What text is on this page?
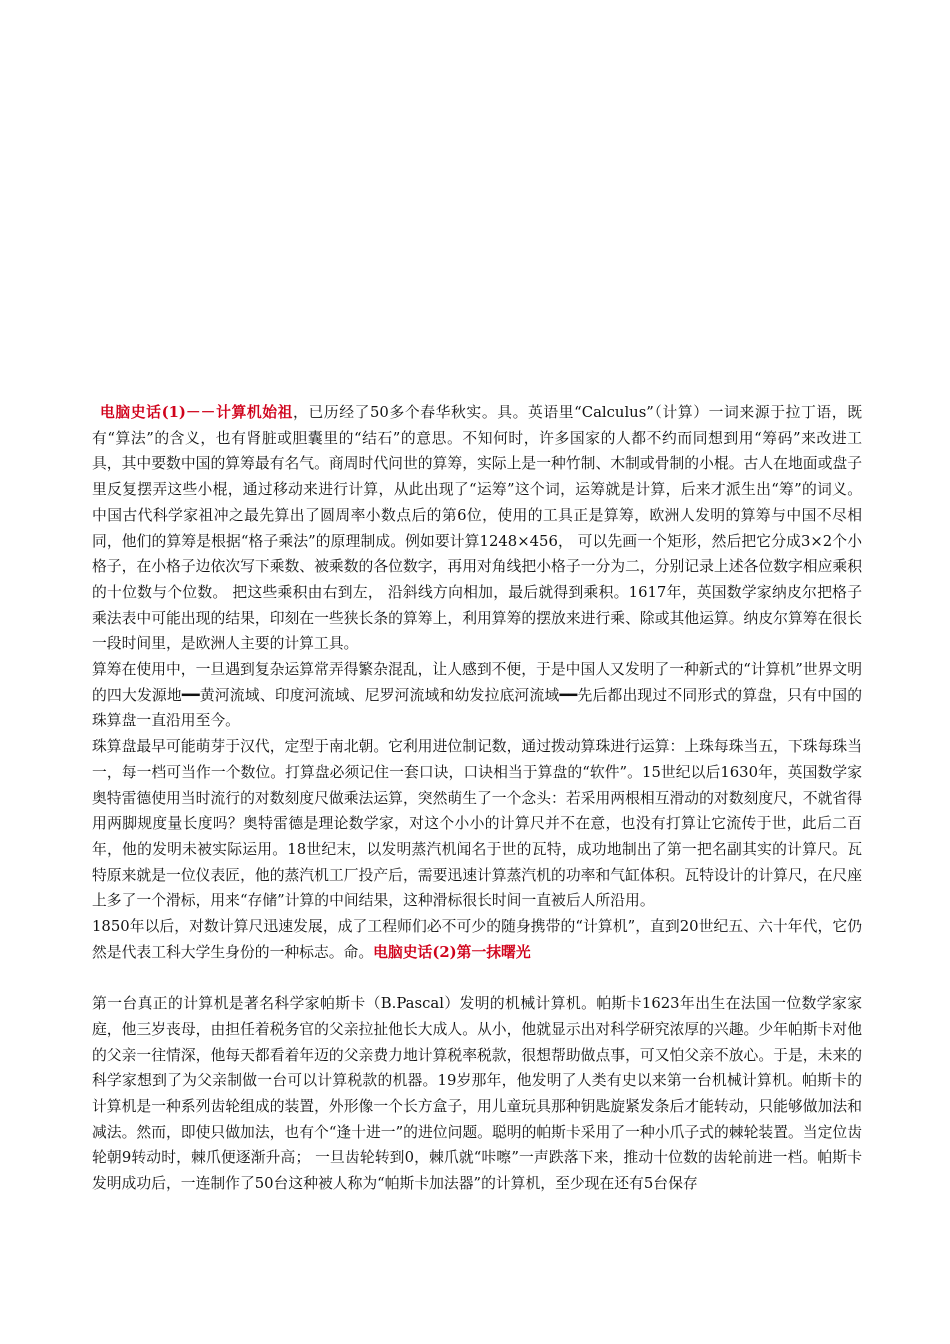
电脑史话(1)－－计算机始祖，已历经了50多个春华秋实。具。英语里“Calculus”（计算）一词来源于拉丁语，既有“算法”的含义，也有肾脏或胆囊里的“结石”的意思。不知何时，许多国家的人都不约而同想到用“筹码”来改进工具，其中要数中国的算筹最有名气。商周时代问世的算筹，实际上是一种竹制、木制或骨制的小棍。古人在地面或盘子里反复摆弄这些小棍，通过移动来进行计算，从此出现了“运筹”这个词，运筹就是计算，后来才派生出“筹”的词义。中国古代科学家祖冲之最先算出了圆周率小数点后的第6位，使用的工具正是算筹，欧洲人发明的算筹与中国不尽相同，他们的算筹是根据“格子乘法”的原理制成。例如要计算1248×456， 可以先画一个矩形，然后把它分成3×2个小格子，在小格子边依次写下乘数、被乘数的各位数字，再用对角线把小格子一分为二，分别记录上述各位数字相应乘积的十位数与个位数。 把这些乘积由右到左， 沿斜线方向相加，最后就得到乘积。1617年，英国数学家纳皮尔把格子乘法表中可能出现的结果，印刻在一些狭长条的算筹上，利用算筹的摆放来进行乘、除或其他运算。纳皮尔算筹在很长一段时间里，是欧洲人主要的计算工具。

算筹在使用中，一旦遇到复杂运算常弄得繁杂混乱，让人感到不便，于是中国人又发明了一种新式的“计算机”世界文明的四大发源地━━黄河流域、印度河流域、尼罗河流域和幼发拉底河流域━━先后都出现过不同形式的算盘，只有中国的珠算盘一直沿用至今。

珠算盘最早可能萌芽于汉代，定型于南北朝。它利用进位制记数，通过拨动算珠进行运算：上珠每珠当五，下珠每珠当一，每一档可当作一个数位。打算盘必须记住一套口诀，口诀相当于算盘的“软件”。15世纪以后1630年，英国数学家奥特雷德使用当时流行的对数刻度尺做乘法运算，突然萌生了一个念头：若采用两根相互滑动的对数刻度尺，不就省得用两脚规度量长度吗？奥特雷德是理论数学家，对这个小小的计算尺并不在意，也没有打算让它流传于世，此后二百年，他的发明未被实际运用。18世纪末，以发明蒸汽机闻名于世的瓦特，成功地制出了第一把名副其实的计算尺。瓦特原来就是一位仪表匠，他的蒸汽机工厂投产后，需要迅速计算蒸汽机的功率和气缸体积。瓦特设计的计算尺，在尺座上多了一个滑标，用来“存储”计算的中间结果，这种滑标很长时间一直被后人所沿用。

1850年以后，对数计算尺迅速发展，成了工程师们必不可少的随身携带的“计算机”，直到20世纪五、六十年代，它仍然是代表工科大学生身份的一种标志。命。电脑史话(2)第一抹曙光

第一台真正的计算机是著名科学家帕斯卡（B.Pascal）发明的机械计算机。帕斯卡1623年出生在法国一位数学家家庭，他三岁丧母，由担任着税务官的父亲拉扯他长大成人。从小，他就显示出对科学研究浓厚的兴趣。少年帕斯卡对他的父亲一往情深，他每天都看着年迈的父亲费力地计算税率税款，很想帮助做点事，可又怕父亲不放心。于是，未来的科学家想到了为父亲制做一台可以计算税款的机器。19岁那年，他发明了人类有史以来第一台机械计算机。帕斯卡的计算机是一种系列齿轮组成的装置，外形像一个长方盒子，用儿童玩具那种钥匙旋紧发条后才能转动，只能够做加法和减法。然而，即使只做加法，也有个“逢十进一”的进位问题。聪明的帕斯卡采用了一种小爪子式的棘轮装置。当定位齿轮朝9转动时，棘爪便逐渐升高； 一旦齿轮转到0，棘爪就“咔嚓”一声跌落下来，推动十位数的齿轮前进一档。帕斯卡发明成功后，一连制作了50台这种被人称为“帕斯卡加法器”的计算机，至少现在还有5台保存
